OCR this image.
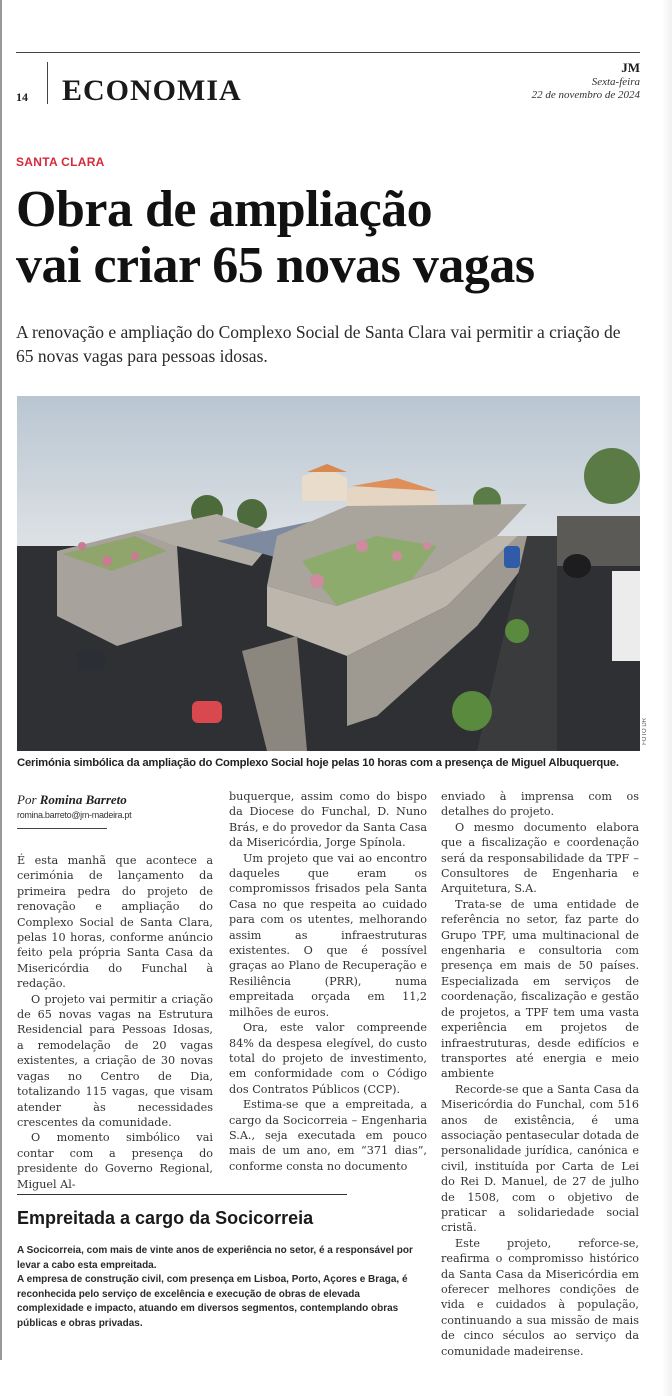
14 ECONOMIA
JM
Sexta-feira
22 de novembro de 2024
SANTA CLARA
Obra de ampliação
vai criar 65 novas vagas

A renovação e ampliação do Complexo Social de Santa Clara vai permitir a criação de 65 novas vagas para pessoas idosas.

FOTO DR
Cerimónia simbólica da ampliação do Complexo Social hoje pelas 10 horas com a presença de Miguel Albuquerque.
Por Romina Barreto
romina.barreto@jm-madeira.pt

É esta manhã que acontece a cerimónia de lançamento da primeira pedra do projeto de renovação e ampliação do Complexo Social de Santa Clara, pelas 10 horas, conforme anúncio feito pela própria Santa Casa da Misericórdia do Funchal à redação.

O projeto vai permitir a criação de 65 novas vagas na Estrutura Residencial para Pessoas Idosas, a remodelação de 20 vagas existentes, a criação de 30 novas vagas no Centro de Dia, totalizando 115 vagas, que visam atender às necessidades crescentes da comunidade.

O momento simbólico vai contar com a presença do presidente do Governo Regional, Miguel Al-

buquerque, assim como do bispo da Diocese do Funchal, D. Nuno Brás, e do provedor da Santa Casa da Misericórdia, Jorge Spínola.

Um projeto que vai ao encontro daqueles que eram os compromissos frisados pela Santa Casa no que respeita ao cuidado para com os utentes, melhorando assim as infraestruturas existentes. O que é possível graças ao Plano de Recuperação e Resiliência (PRR), numa empreitada orçada em 11,2 milhões de euros.

Ora, este valor compreende 84% da despesa elegível, do custo total do projeto de investimento, em conformidade com o Código dos Contratos Públicos (CCP).

Estima-se que a empreitada, a cargo da Socicorreia – Engenharia S.A., seja executada em pouco mais de um ano, em “371 dias”, conforme consta no documento

enviado à imprensa com os detalhes do projeto.

O mesmo documento elabora que a fiscalização e coordenação será da responsabilidade da TPF – Consultores de Engenharia e Arquitetura, S.A.

Trata-se de uma entidade de referência no setor, faz parte do Grupo TPF, uma multinacional de engenharia e consultoria com presença em mais de 50 países. Especializada em serviços de coordenação, fiscalização e gestão de projetos, a TPF tem uma vasta experiência em projetos de infraestruturas, desde edifícios e transportes até energia e meio ambiente

Recorde-se que a Santa Casa da Misericórdia do Funchal, com 516 anos de existência, é uma associação pentasecular dotada de personalidade jurídica, canónica e civil, instituída por Carta de Lei do Rei D. Manuel, de 27 de julho de 1508, com o objetivo de praticar a solidariedade social cristã.

Este projeto, reforce-se, reafirma o compromisso histórico da Santa Casa da Misericórdia em oferecer melhores condições de vida e cuidados à população, continuando a sua missão de mais de cinco séculos ao serviço da comunidade madeirense.

Empreitada a cargo da Socicorreia

A Socicorreia, com mais de vinte anos de experiência no setor, é a responsável por levar a cabo esta empreitada.

A empresa de construção civil, com presença em Lisboa, Porto, Açores e Braga, é reconhecida pelo serviço de excelência e execução de obras de elevada complexidade e impacto, atuando em diversos segmentos, contemplando obras públicas e obras privadas.
